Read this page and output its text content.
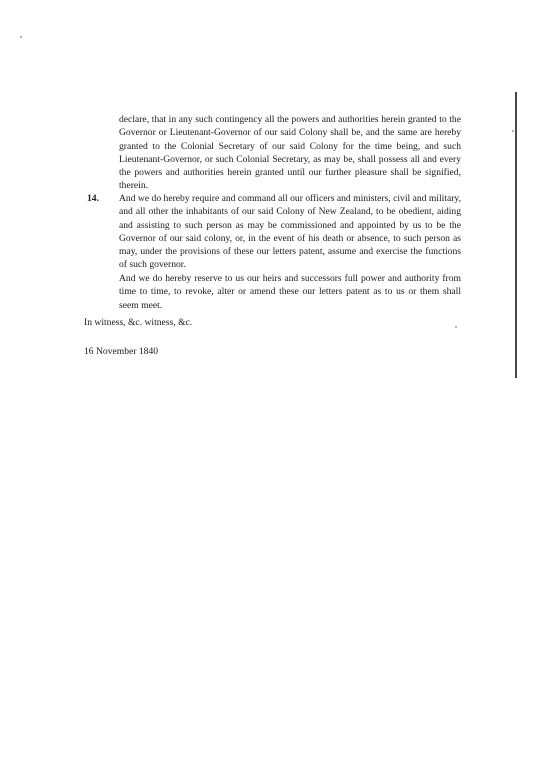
declare, that in any such contingency all the powers and authorities herein granted to the Governor or Lieutenant-Governor of our said Colony shall be, and the same are hereby granted to the Colonial Secretary of our said Colony for the time being, and such Lieutenant-Governor, or such Colonial Secretary, as may be, shall possess all and every the powers and authorities herein granted until our further pleasure shall be signified, therein.

14. And we do hereby require and command all our officers and ministers, civil and military, and all other the inhabitants of our said Colony of New Zealand, to be obedient, aiding and assisting to such person as may be commissioned and appointed by us to be the Governor of our said colony, or, in the event of his death or absence, to such person as may, under the provisions of these our letters patent, assume and exercise the functions of such governor.

And we do hereby reserve to us our heirs and successors full power and authority from time to time, to revoke, alter or amend these our letters patent as to us or them shall seem meet.

In witness, &c. witness, &c.
16 November 1840
